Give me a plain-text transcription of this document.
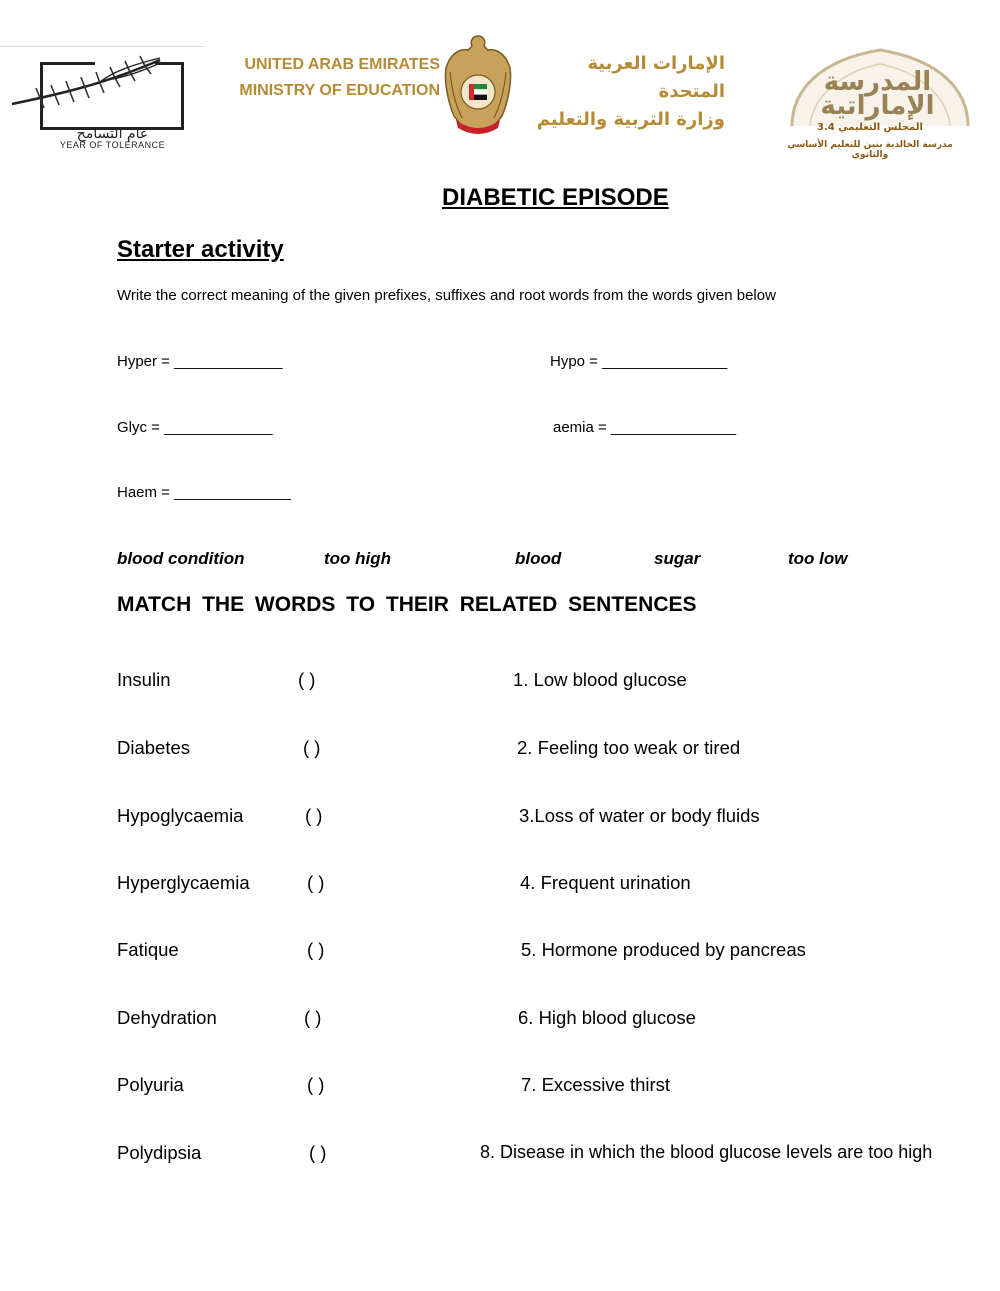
عام التسامح
YEAR OF TOLERANCE
UNITED ARAB EMIRATES
MINISTRY OF EDUCATION
الإمارات العربية المتحدة
وزارة التربية والتعليم
المدرسة الإماراتية
المجلس التعليمي 3.4
مدرسة الخالدية بنين للتعليم الأساسي والثانوي
DIABETIC EPISODE
Starter activity
Write the correct meaning of the given prefixes, suffixes and root words from the words given below
Hyper = _____________	Hypo = _______________
Glyc = _____________	aemia = _______________
Haem = ______________
blood condition	too high	blood	sugar	too low
MATCH THE WORDS TO THEIR RELATED SENTENCES
Insulin	( )	1. Low blood glucose
Diabetes	( )	2. Feeling too weak or tired
Hypoglycaemia	( )	3.Loss of water or body fluids
Hyperglycaemia	( )	4. Frequent urination
Fatique	( )	5. Hormone produced by pancreas
Dehydration	( )	6. High blood glucose
Polyuria	( )	7. Excessive thirst
Polydipsia	( )	8. Disease in which the blood glucose levels are too high
